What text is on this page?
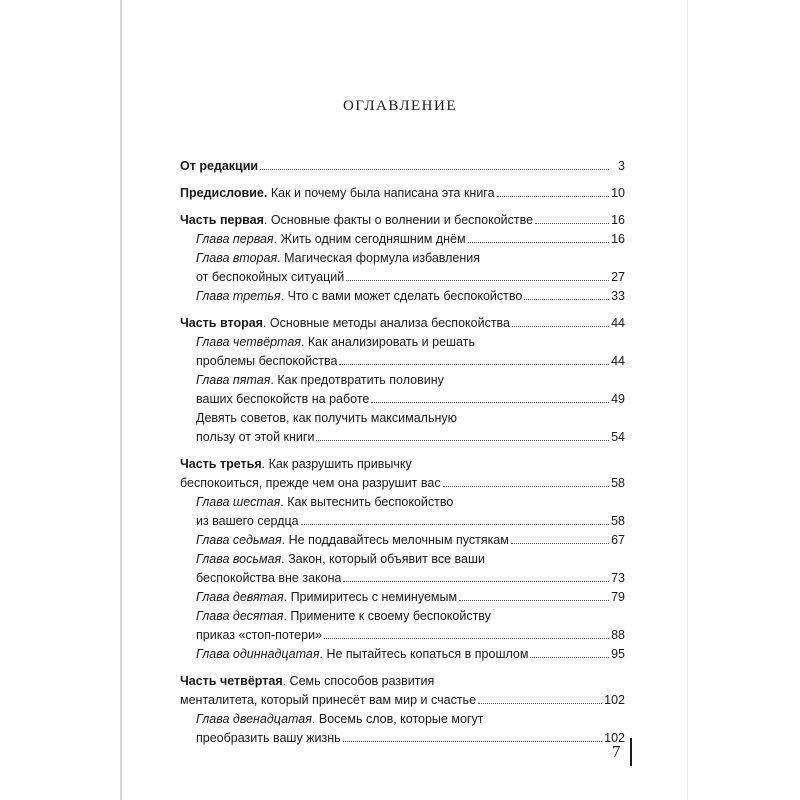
ОГЛАВЛЕНИЕ
От редакции	3
Предисловие. Как и почему была написана эта книга	10
Часть первая. Основные факты о волнении и беспокойстве	16
Глава первая. Жить одним сегодняшним днём	16
Глава вторая. Магическая формула избавления
от беспокойных ситуаций	27
Глава третья. Что с вами может сделать беспокойство	33
Часть вторая. Основные методы анализа беспокойства	44
Глава четвёртая. Как анализировать и решать
проблемы беспокойства	44
Глава пятая. Как предотвратить половину
ваших беспокойств на работе	49
Девять советов, как получить максимальную
пользу от этой книги	54
Часть третья. Как разрушить привычку
беспокоиться, прежде чем она разрушит вас	58
Глава шестая. Как вытеснить беспокойство
из вашего сердца	58
Глава седьмая. Не поддавайтесь мелочным пустякам	67
Глава восьмая. Закон, который объявит все ваши
беспокойства вне закона	73
Глава девятая. Примиритесь с неминуемым	79
Глава десятая. Примените к своему беспокойству
приказ «стоп-потери»	88
Глава одиннадцатая. Не пытайтесь копаться в прошлом	95
Часть четвёртая. Семь способов развития
менталитета, который принесёт вам мир и счастье	102
Глава двенадцатая. Восемь слов, которые могут
преобразить вашу жизнь	102
7
